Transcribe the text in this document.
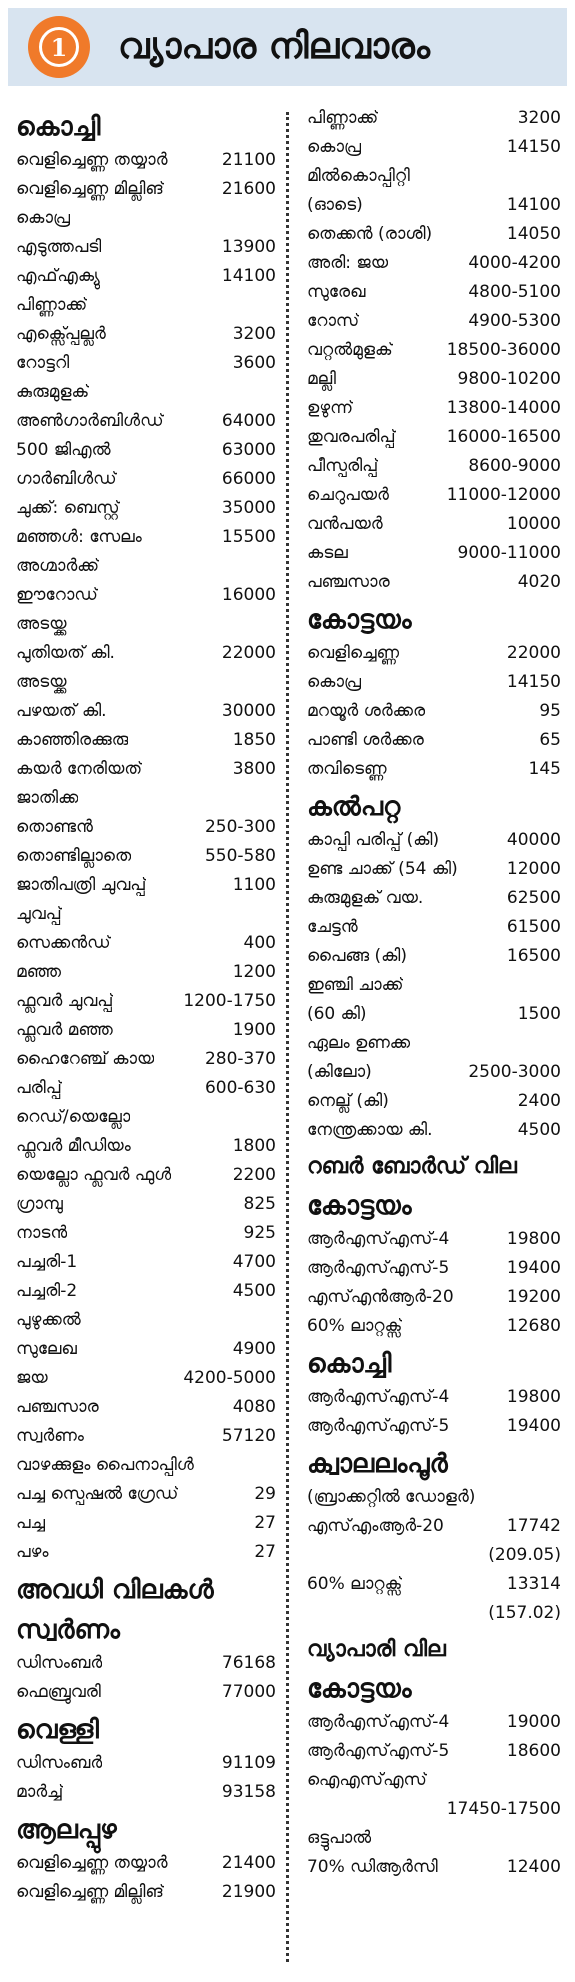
1 വ്യാപാര നിലവാരം
കൊച്ചി
വെളിച്ചെണ്ണ തയ്യാർ	21100
വെളിച്ചെണ്ണ മില്ലിങ്	21600
കൊപ്ര
എടുത്തപടി	13900
എഫ്എക്യു	14100
പിണ്ണാക്ക്
എക്സ്പ്പെല്ലർ	3200
റോട്ടറി	3600
കുരുമുളക്
അൺഗാർബിൾഡ്	64000
500 ജിഎൽ	63000
ഗാർബിൾഡ്	66000
ചുക്ക്: ബെസ്റ്റ്	35000
മഞ്ഞൾ: സേലം	15500
അഗ്മാർക്ക്
ഈറോഡ്	16000
അടയ്ക്ക
പുതിയത് കി.	22000
അടയ്ക്ക
പഴയത് കി.	30000
കാഞ്ഞിരക്കുരു	1850
കയർ നേരിയത്	3800
ജാതിക്ക
തൊണ്ടൻ	250-300
തൊണ്ടില്ലാതെ	550-580
ജാതിപത്രി ചുവപ്പ്	1100
ചുവപ്പ്
സെക്കൻഡ്	400
മഞ്ഞ	1200
ഫ്ലവർ ചുവപ്പ്	1200-1750
ഫ്ലവർ മഞ്ഞ	1900
ഹൈറേഞ്ച് കായ	280-370
പരിപ്പ്	600-630
റെഡ്/യെല്ലോ
ഫ്ലവർ മീഡിയം	1800
യെല്ലോ ഫ്ലവർ ഫുൾ	2200
ഗ്രാമ്പു	825
നാടൻ	925
പച്ചരി-1	4700
പച്ചരി-2	4500
പുഴുക്കൽ
സുലേഖ	4900
ജയ	4200-5000
പഞ്ചസാര	4080
സ്വർണം	57120
വാഴക്കുളം പൈനാപ്പിൾ
പച്ച സ്പെഷൽ ഗ്രേഡ്	29
പച്ച	27
പഴം	27
അവധി വിലകൾ
സ്വർണം
ഡിസംബർ	76168
ഫെബ്രുവരി	77000
വെള്ളി
ഡിസംബർ	91109
മാർച്ച്	93158
ആലപ്പുഴ
വെളിച്ചെണ്ണ തയ്യാർ	21400
വെളിച്ചെണ്ണ മില്ലിങ്	21900
പിണ്ണാക്ക്	3200
കൊപ്ര	14150
മിൽകൊപ്പിറ്റി
(ഓടെ)	14100
തെക്കൻ (രാശി)	14050
അരി: ജയ	4000-4200
സുരേഖ	4800-5100
റോസ്	4900-5300
വറ്റൽമുളക്	18500-36000
മല്ലി	9800-10200
ഉഴുന്ന്	13800-14000
തുവരപരിപ്പ്	16000-16500
പീസ്പരിപ്പ്	8600-9000
ചെറുപയർ	11000-12000
വൻപയർ	10000
കടല	9000-11000
പഞ്ചസാര	4020
കോട്ടയം
വെളിച്ചെണ്ണ	22000
കൊപ്ര	14150
മറയൂർ ശർക്കര	95
പാണ്ടി ശർക്കര	65
തവിടെണ്ണ	145
കൽപറ്റ
കാപ്പി പരിപ്പ് (കി)	40000
ഉണ്ട ചാക്ക് (54 കി)	12000
കുരുമുളക് വയ.	62500
ചേട്ടൻ	61500
പൈങ്ങ (കി)	16500
ഇഞ്ചി ചാക്ക്
(60 കി)	1500
ഏലം ഉണക്ക
(കിലോ)	2500-3000
നെല്ല് (കി)	2400
നേന്ത്രക്കായ കി.	4500
റബർ ബോർഡ് വില
കോട്ടയം
ആർഎസ്എസ്-4	19800
ആർഎസ്എസ്-5	19400
എസ്എൻആർ-20	19200
60% ലാറ്റക്സ്	12680
കൊച്ചി
ആർഎസ്എസ്-4	19800
ആർഎസ്എസ്-5	19400
ക്വാലലംപൂർ
(ബ്രാക്കറ്റിൽ ഡോളർ)
എസ്എംആർ-20	17742
(209.05)
60% ലാറ്റക്സ്	13314
(157.02)
വ്യാപാരി വില
കോട്ടയം
ആർഎസ്എസ്-4	19000
ആർഎസ്എസ്-5	18600
ഐഎസ്എസ്
17450-17500
ഒട്ടുപാൽ
70% ഡിആർസി	12400
